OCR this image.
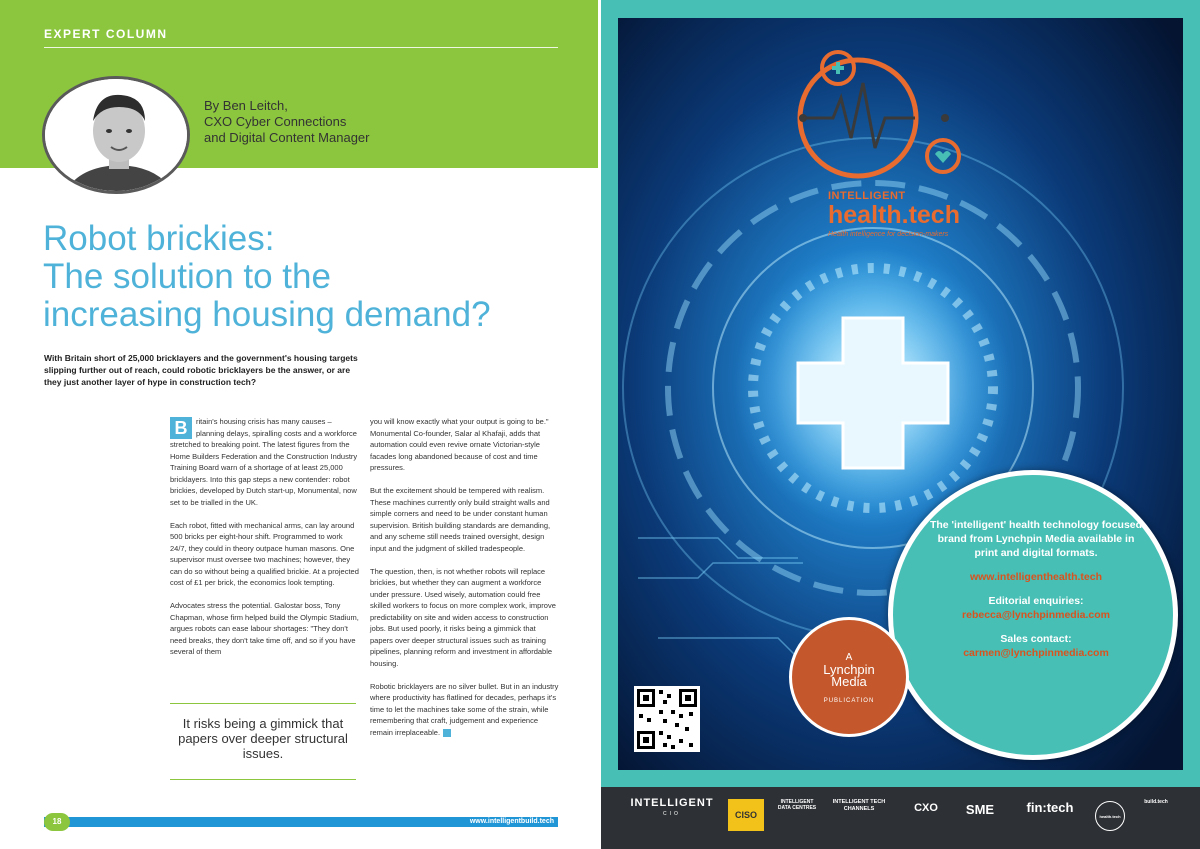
EXPERT COLUMN
By Ben Leitch,
CXO Cyber Connections
and Digital Content Manager
Robot brickies:
The solution to the
increasing housing demand?

With Britain short of 25,000 bricklayers and the government's housing targets slipping further out of reach, could robotic bricklayers be the answer, or are they just another layer of hype in construction tech?

B	ritain's housing crisis has many causes – planning delays, spiralling costs and a workforce stretched to breaking point. The latest figures from the Home Builders Federation and the Construction Industry Training Board warn of a shortage of at least 25,000 bricklayers. Into this gap steps a new contender: robot brickies, developed by Dutch start-up, Monumental, now set to be trialled in the UK.

Each robot, fitted with mechanical arms, can lay around 500 bricks per eight-hour shift. Programmed to work 24/7, they could in theory outpace human masons. One supervisor must oversee two machines; however, they can do so without being a qualified brickie. At a projected cost of £1 per brick, the economics look tempting.

Advocates stress the potential. Galostar boss, Tony Chapman, whose firm helped build the Olympic Stadium, argues robots can ease labour shortages: "They don't need breaks, they don't take time off, and so if you have several of them

It risks being a gimmick that papers over deeper structural issues.

you will know exactly what your output is going to be." Monumental Co-founder, Salar al Khafaji, adds that automation could even revive ornate Victorian-style facades long abandoned because of cost and time pressures.

But the excitement should be tempered with realism. These machines currently only build straight walls and simple corners and need to be under constant human supervision. British building standards are demanding, and any scheme still needs trained oversight, design input and the judgment of skilled tradespeople.

The question, then, is not whether robots will replace brickies, but whether they can augment a workforce under pressure. Used wisely, automation could free skilled workers to focus on more complex work, improve predictability on site and widen access to construction jobs. But used poorly, it risks being a gimmick that papers over deeper structural issues such as training pipelines, planning reform and investment in affordable housing.

Robotic bricklayers are no silver bullet. But in an industry where productivity has flatlined for decades, perhaps it's time to let the machines take some of the strain, while remembering that craft, judgement and experience remain irreplaceable.

18	www.intelligentbuild.tech
INTELLIGENT
health.tech
Health intelligence for decision-makers
The 'intelligent' health technology focused brand from Lynchpin Media available in print and digital formats.
www.intelligenthealth.tech
Editorial enquiries:
rebecca@lynchpinmedia.com
Sales contact:
carmen@lynchpinmedia.com
A
Lynchpin
Media
PUBLICATION
INTELLIGENT
CIO	CISO
INTELLIGENT DATA CENTRES
INTELLIGENT TECH CHANNELS	CXO	SME	fin:tech
health.tech
build.tech
